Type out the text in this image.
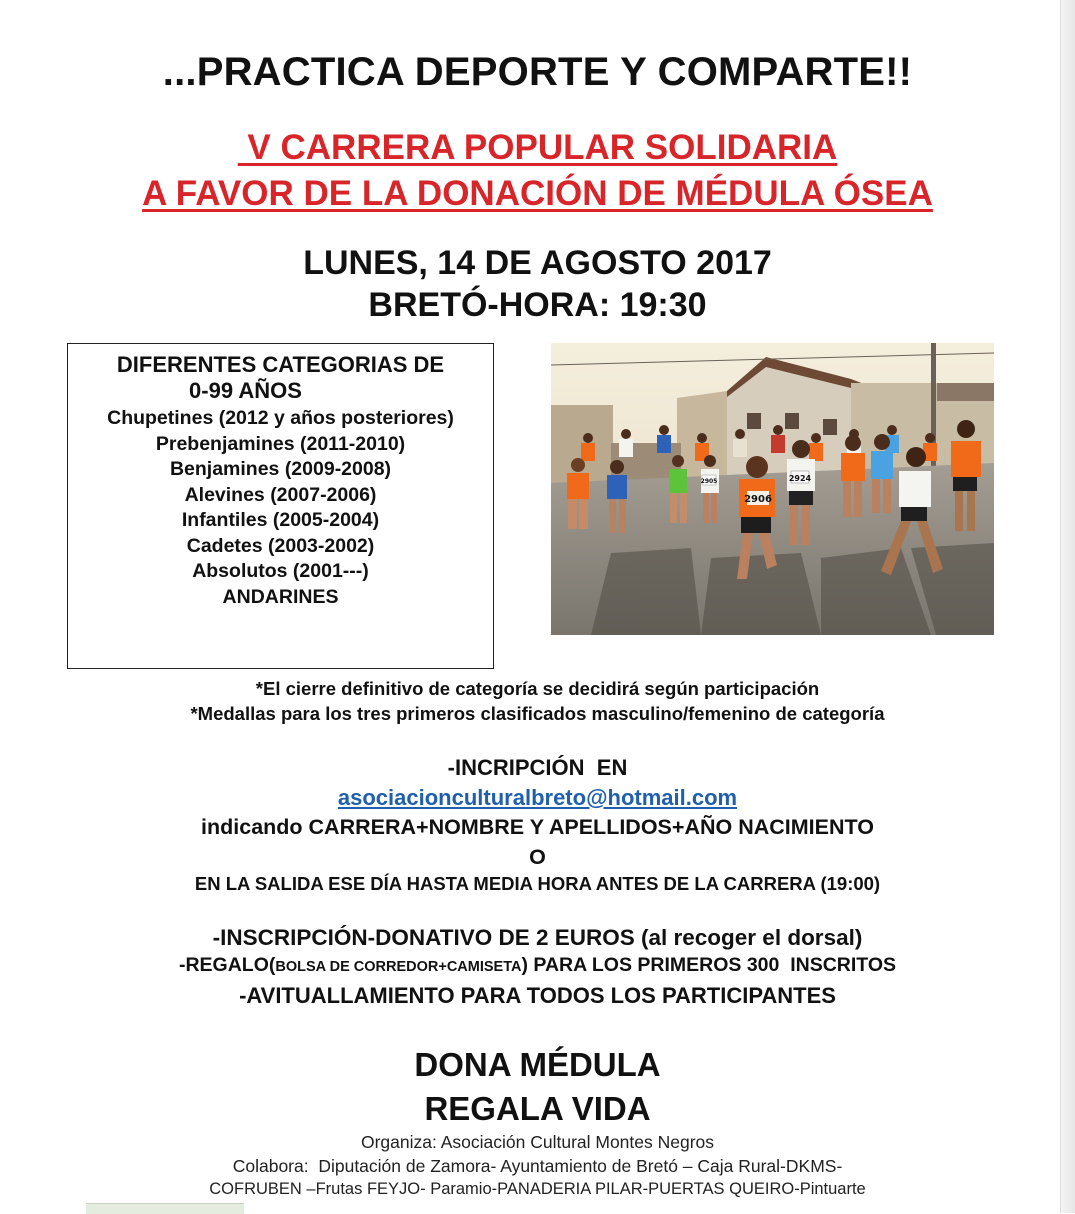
...PRACTICA DEPORTE Y COMPARTE!!
V CARRERA POPULAR SOLIDARIA
A FAVOR DE LA DONACIÓN DE MÉDULA ÓSEA
LUNES, 14 DE AGOSTO 2017
BRETÓ-HORA: 19:30
DIFERENTES CATEGORIAS DE
0-99 AÑOS
Chupetines (2012 y años posteriores)
Prebenjamines (2011-2010)
Benjamines (2009-2008)
Alevines (2007-2006)
Infantiles (2005-2004)
Cadetes (2003-2002)
Absolutos (2001---)
ANDARINES
2906
2924
2905
*El cierre definitivo de categoría se decidirá según participación
*Medallas para los tres primeros clasificados masculino/femenino de categoría
-INCRIPCIÓN  EN
asociacionculturalbreto@hotmail.com
indicando CARRERA+NOMBRE Y APELLIDOS+AÑO NACIMIENTO
O
EN LA SALIDA ESE DÍA HASTA MEDIA HORA ANTES DE LA CARRERA (19:00)
-INSCRIPCIÓN-DONATIVO DE 2 EUROS (al recoger el dorsal)
-REGALO(BOLSA DE CORREDOR+CAMISETA) PARA LOS PRIMEROS 300  INSCRITOS
-AVITUALLAMIENTO PARA TODOS LOS PARTICIPANTES
DONA MÉDULA
REGALA VIDA
Organiza: Asociación Cultural Montes Negros
Colabora:  Diputación de Zamora- Ayuntamiento de Bretó – Caja Rural-DKMS-
COFRUBEN –Frutas FEYJO- Paramio-PANADERIA PILAR-PUERTAS QUEIRO-Pintuarte
